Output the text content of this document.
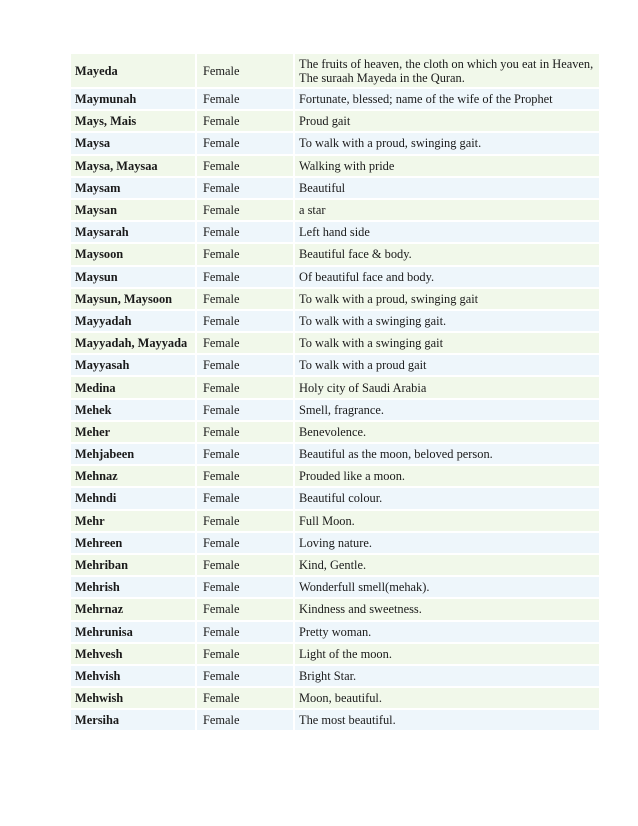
Mayeda	Female	The fruits of heaven, the cloth on which you eat in Heaven, The suraah Mayeda in the Quran.
Maymunah	Female	Fortunate, blessed; name of the wife of the Prophet
Mays, Mais	Female	Proud gait
Maysa	Female	To walk with a proud, swinging gait.
Maysa, Maysaa	Female	Walking with pride
Maysam	Female	Beautiful
Maysan	Female	a star
Maysarah	Female	Left hand side
Maysoon	Female	Beautiful face & body.
Maysun	Female	Of beautiful face and body.
Maysun, Maysoon	Female	To walk with a proud, swinging gait
Mayyadah	Female	To walk with a swinging gait.
Mayyadah, Mayyada	Female	To walk with a swinging gait
Mayyasah	Female	To walk with a proud gait
Medina	Female	Holy city of Saudi Arabia
Mehek	Female	Smell, fragrance.
Meher	Female	Benevolence.
Mehjabeen	Female	Beautiful as the moon, beloved person.
Mehnaz	Female	Prouded like a moon.
Mehndi	Female	Beautiful colour.
Mehr	Female	Full Moon.
Mehreen	Female	Loving nature.
Mehriban	Female	Kind, Gentle.
Mehrish	Female	Wonderfull smell(mehak).
Mehrnaz	Female	Kindness and sweetness.
Mehrunisa	Female	Pretty woman.
Mehvesh	Female	Light of the moon.
Mehvish	Female	Bright Star.
Mehwish	Female	Moon, beautiful.
Mersiha	Female	The most beautiful.
